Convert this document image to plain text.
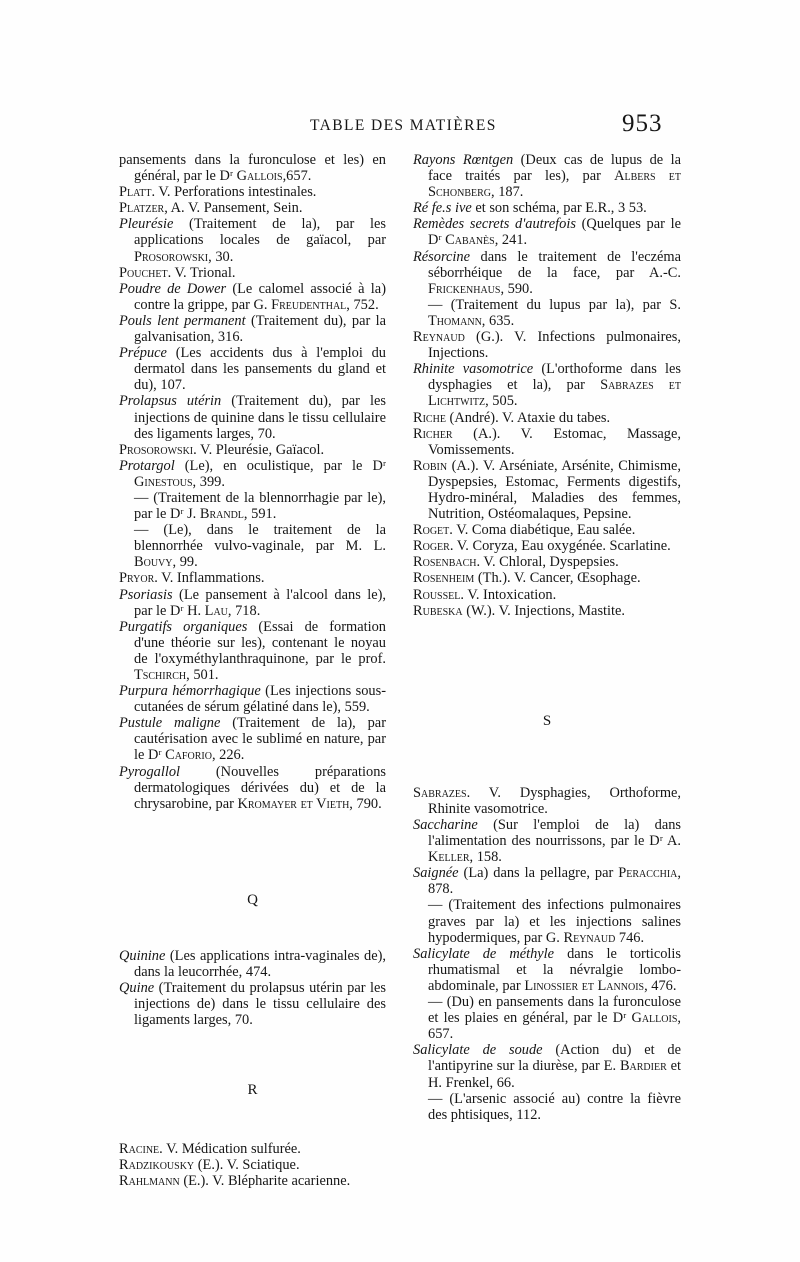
TABLE DES MATIÈRES	953
pansements dans la furonculose et les) en général, par le Dʳ Gallois,657.
Platt. V. Perforations intestinales.
Platzer, A. V. Pansement, Sein.
Pleurésie (Traitement de la), par les applications locales de gaïacol, par Prosorowski, 30.
Pouchet. V. Trional.
Poudre de Dower (Le calomel associé à la) contre la grippe, par G. Freudenthal, 752.
Pouls lent permanent (Traitement du), par la galvanisation, 316.
Prépuce (Les accidents dus à l'emploi du dermatol dans les pansements du gland et du), 107.
Prolapsus utérin (Traitement du), par les injections de quinine dans le tissu cellulaire des ligaments larges, 70.
Prosorowski. V. Pleurésie, Gaïacol.
Protargol (Le), en oculistique, par le Dʳ Ginestous, 399.
— (Traitement de la blennorrhagie par le), par le Dʳ J. Brandl, 591.
— (Le), dans le traitement de la blennorrhée vulvo-vaginale, par M. L. Bouvy, 99.
Pryor. V. Inflammations.
Psoriasis (Le pansement à l'alcool dans le), par le Dʳ H. Lau, 718.
Purgatifs organiques (Essai de formation d'une théorie sur les), contenant le noyau de l'oxyméthylanthraquinone, par le prof. Tschirch, 501.
Purpura hémorrhagique (Les injections sous-cutanées de sérum gélatiné dans le), 559.
Pustule maligne (Traitement de la), par cautérisation avec le sublimé en nature, par le Dʳ Caforio, 226.
Pyrogallol (Nouvelles préparations dermatologiques dérivées du) et de la chrysarobine, par Kromayer et Vieth, 790.
Q
Quinine (Les applications intra-vaginales de), dans la leucorrhée, 474.
Quine (Traitement du prolapsus utérin par les injections de) dans le tissu cellulaire des ligaments larges, 70.
R
Racine. V. Médication sulfurée.
Radzikousky (E.). V. Sciatique.
Rahlmann (E.). V. Blépharite acarienne.
Rayons Rœntgen (Deux cas de lupus de la face traités par les), par Albers et Schonberg, 187.
Ré fe.s ive et son schéma, par E.R., 3 53.
Remèdes secrets d'autrefois (Quelques par le Dʳ Cabanès, 241.
Résorcine dans le traitement de l'eczéma séborrhéique de la face, par A.-C. Frickenhaus, 590.
— (Traitement du lupus par la), par S. Thomann, 635.
Reynaud (G.). V. Infections pulmonaires, Injections.
Rhinite vasomotrice (L'orthoforme dans les dysphagies et la), par Sabrazes et Lichtwitz, 505.
Riche (André). V. Ataxie du tabes.
Richer (A.). V. Estomac, Massage, Vomissements.
Robin (A.). V. Arséniate, Arsénite, Chimisme, Dyspepsies, Estomac, Ferments digestifs, Hydro-minéral, Maladies des femmes, Nutrition, Ostéomalaques, Pepsine.
Roget. V. Coma diabétique, Eau salée.
Roger. V. Coryza, Eau oxygénée. Scarlatine.
Rosenbach. V. Chloral, Dyspepsies.
Rosenheim (Th.). V. Cancer, Œsophage.
Roussel. V. Intoxication.
Rubeska (W.). V. Injections, Mastite.
S
Sabrazes. V. Dysphagies, Orthoforme, Rhinite vasomotrice.
Saccharine (Sur l'emploi de la) dans l'alimentation des nourrissons, par le Dʳ A. Keller, 158.
Saignée (La) dans la pellagre, par Peracchia, 878.
— (Traitement des infections pulmonaires graves par la) et les injections salines hypodermiques, par G. Reynaud 746.
Salicylate de méthyle dans le torticolis rhumatismal et la névralgie lombo-abdominale, par Linossier et Lannois, 476.
— (Du) en pansements dans la furonculose et les plaies en général, par le Dʳ Gallois, 657.
Salicylate de soude (Action du) et de l'antipyrine sur la diurèse, par E. Bardier et H. Frenkel, 66.
— (L'arsenic associé au) contre la fièvre des phtisiques, 112.
